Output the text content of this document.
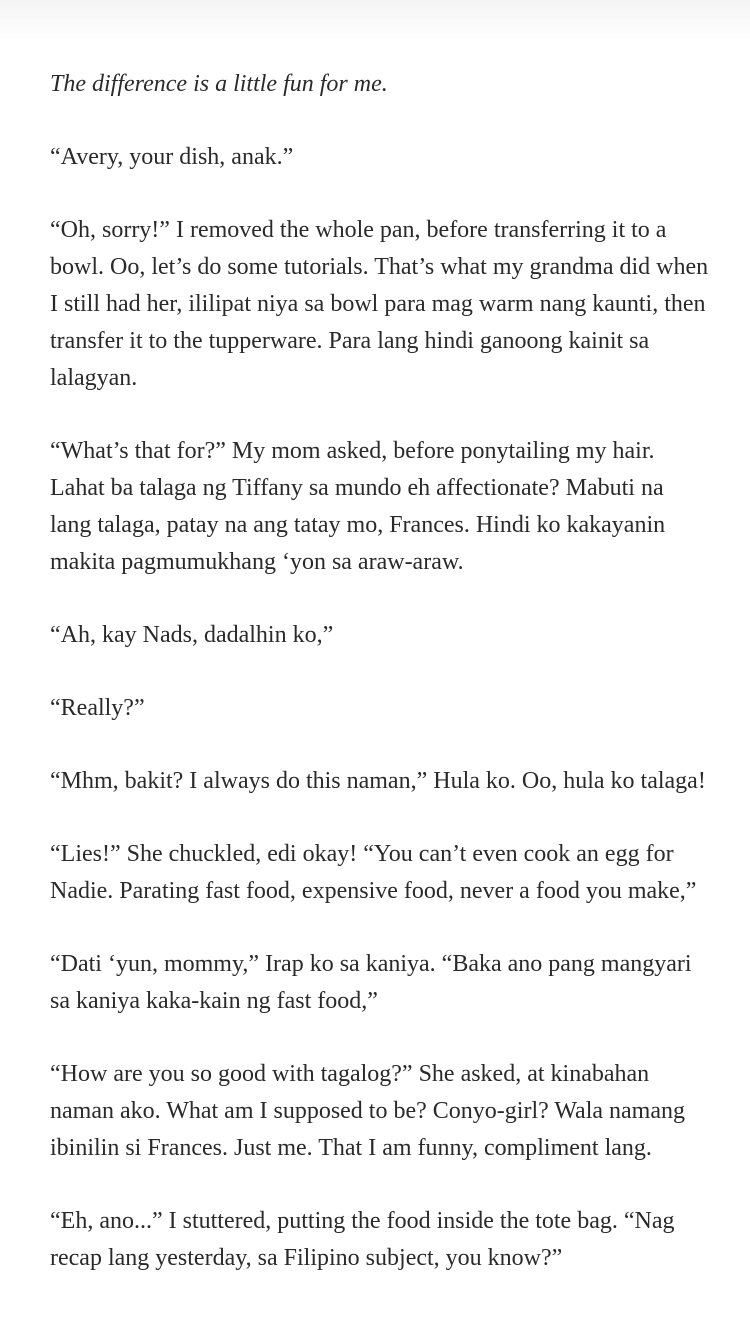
The difference is a little fun for me.

“Avery, your dish, anak.”

“Oh, sorry!” I removed the whole pan, before transferring it to a bowl. Oo, let’s do some tutorials. That’s what my grandma did when I still had her, ililipat niya sa bowl para mag warm nang kaunti, then transfer it to the tupperware. Para lang hindi ganoong kainit sa lalagyan.

“What’s that for?” My mom asked, before ponytailing my hair. Lahat ba talaga ng Tiffany sa mundo eh affectionate? Mabuti na lang talaga, patay na ang tatay mo, Frances. Hindi ko kakayanin makita pagmumukhang ‘yon sa araw-araw.

“Ah, kay Nads, dadalhin ko,”

“Really?”

“Mhm, bakit? I always do this naman,” Hula ko. Oo, hula ko talaga!

“Lies!” She chuckled, edi okay! “You can’t even cook an egg for Nadie. Parating fast food, expensive food, never a food you make,”

“Dati ‘yun, mommy,” Irap ko sa kaniya. “Baka ano pang mangyari sa kaniya kaka-kain ng fast food,”

“How are you so good with tagalog?” She asked, at kinabahan naman ako. What am I supposed to be? Conyo-girl? Wala namang ibinilin si Frances. Just me. That I am funny, compliment lang.

“Eh, ano...” I stuttered, putting the food inside the tote bag. “Nag recap lang yesterday, sa Filipino subject, you know?”
